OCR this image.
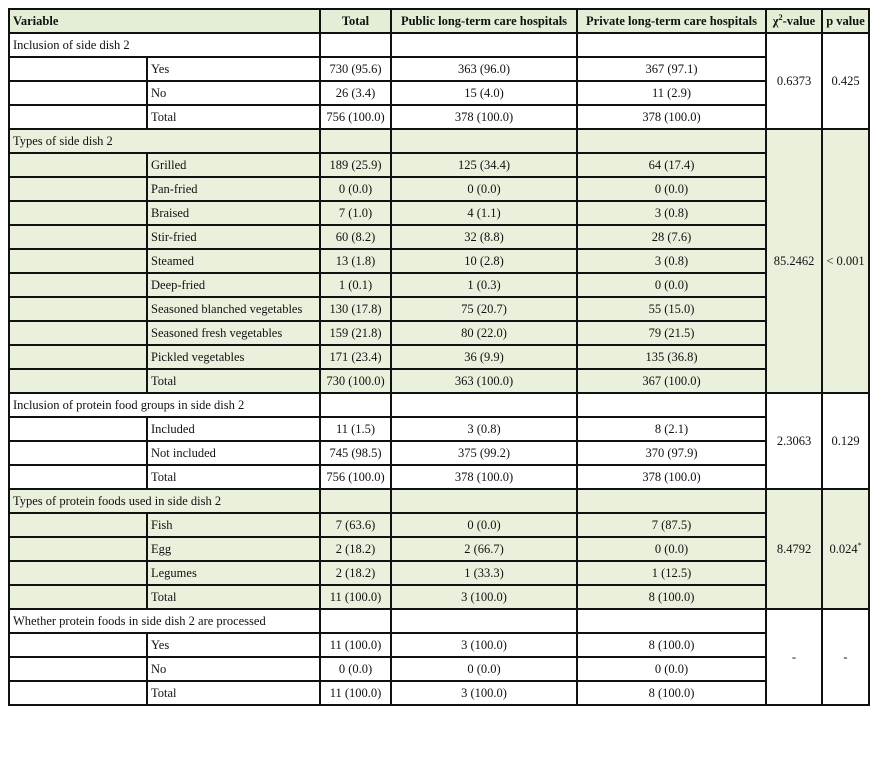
Variable		Total	Public long-term care hospitals	Private long-term care hospitals	$\chi^2$-value	p value
Inclusion of side dish 2					0.6373	0.425
	Yes	730 (95.6)	363 (96.0)	367 (97.1)		
	No	26 (3.4)	15 (4.0)	11 (2.9)		
	Total	756 (100.0)	378 (100.0)	378 (100.0)		
Types of side dish 2					85.2462	< 0.001
	Grilled	189 (25.9)	125 (34.4)	64 (17.4)		
	Pan-fried	0 (0.0)	0 (0.0)	0 (0.0)		
	Braised	7 (1.0)	4 (1.1)	3 (0.8)		
	Stir-fried	60 (8.2)	32 (8.8)	28 (7.6)		
	Steamed	13 (1.8)	10 (2.8)	3 (0.8)		
	Deep-fried	1 (0.1)	1 (0.3)	0 (0.0)		
	Seasoned blanched vegetables	130 (17.8)	75 (20.7)	55 (15.0)		
	Seasoned fresh vegetables	159 (21.8)	80 (22.0)	79 (21.5)		
	Pickled vegetables	171 (23.4)	36 (9.9)	135 (36.8)		
	Total	730 (100.0)	363 (100.0)	367 (100.0)		
Inclusion of protein food groups in side dish 2					2.3063	0.129
	Included	11 (1.5)	3 (0.8)	8 (2.1)		
	Not included	745 (98.5)	375 (99.2)	370 (97.9)		
	Total	756 (100.0)	378 (100.0)	378 (100.0)		
Types of protein foods used in side dish 2					8.4792	0.024*
	Fish	7 (63.6)	0 (0.0)	7 (87.5)		
	Egg	2 (18.2)	2 (66.7)	0 (0.0)		
	Legumes	2 (18.2)	1 (33.3)	1 (12.5)		
	Total	11 (100.0)	3 (100.0)	8 (100.0)		
Whether protein foods in side dish 2 are processed					-	-
	Yes	11 (100.0)	3 (100.0)	8 (100.0)		
	No	0 (0.0)	0 (0.0)	0 (0.0)		
	Total	11 (100.0)	3 (100.0)	8 (100.0)		
